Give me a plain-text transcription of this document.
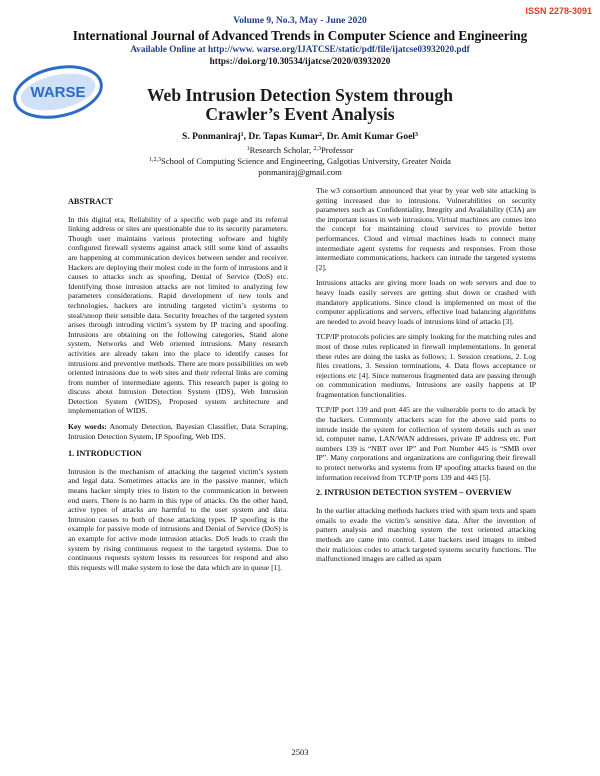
ISSN 2278-3091
Volume 9, No.3, May - June 2020
International Journal of Advanced Trends in Computer Science and Engineering
Available Online at http://www. warse.org/IJATCSE/static/pdf/file/ijatcse03932020.pdf
https://doi.org/10.30534/ijatcse/2020/03932020
WARSE	Web Intrusion Detection System through
Crawler’s Event Analysis
S. Ponmaniraj$^1$, Dr. Tapas Kumar$^2$, Dr. Amit Kumar Goel$^3$
$^1$Research Scholar, $^{2,3}$Professor
$^{1,2,3}$School of Computing Science and Engineering, Galgotias University, Greater Noida
ponmaniraj@gmail.com
ABSTRACT

In this digital era, Reliability of a specific web page and its referral linking address or sites are questionable due to its security parameters. Though user maintains various protecting software and highly configured firewall systems against attack still some kind of assaults are happening at communication devices between sender and receiver. Hackers are deploying their molest code in the form of intrusions and it causes to attacks such as spoofing, Denial of Service (DoS) etc. Identifying those intrusion attacks are not limited to analyzing few parameters considerations. Rapid development of new tools and technologies, hackers are intruding targeted victim’s systems to steal/snoop their sensible data. Security breaches of the targeted system arises through intruding victim’s system by IP tracing and spoofing. Intrusions are obtaining on the following categories, Stand alone system, Networks and Web oriented intrusions. Many research activities are already taken into the place to identify causes for intrusions and preventive methods. There are more possibilities on web oriented intrusions due to web sites and their referral links are coming from number of intermediate agents. This research paper is going to discuss about Intrusion Detection System (IDS), Web Intrusion Detection System (WIDS), Proposed system architecture and implementation of WIDS.

Key words: Anomaly Detection, Bayesian Classifier, Data Scraping, Intrusion Detection System, IP Spoofing, Web IDS.

1. INTRODUCTION

Intrusion is the mechanism of attacking the targeted victim’s system and legal data. Sometimes attacks are in the passive manner, which means hacker simply tries to listen to the communication in between end users. There is no harm in this type of attacks. On the other hand, active types of attacks are harmful to the user system and data. Intrusion causes to both of those attacking types. IP spoofing is the example for passive mode of intrusions and Denial of Service (DoS) is an example for active mode intrusion attacks. DoS leads to crash the system by rising continuous request to the targeted systems. Due to continuous requests system losses its resources for respond and also this requests will make system to lose the data which are in queue [1].

The w3 consortium announced that year by year web site attacking is getting increased due to intrusions. Vulnerabilities on security parameters such as Confidentiality, Integrity and Availability (CIA) are the important issues in web intrusions. Virtual machines are comes into the concept for maintaining cloud services to provide better performances. Cloud and virtual machines leads to connect many intermediate agent systems for requests and responses. From those intermediate communications, hackers can intrude the targeted systems [2].

Intrusions attacks are giving more loads on web servers and due to heavy loads easily servers are getting shut down or crashed with mandatory applications. Since cloud is implemented on most of the computer applications and servers, effective load balancing algorithms are needed to avoid heavy loads of intrusions kind of attacks [3].

TCP/IP protocols policies are simply looking for the matching rules and most of those rules replicated in firewall implementations. In general these rules are doing the tasks as follows; 1. Session creations, 2. Log files creations, 3. Session terminations, 4. Data flows acceptance or rejections etc [4]. Since numerous fragmented data are passing through on communication mediums, Intrusions are easily happens at IP fragmentation functionalities.

TCP/IP port 139 and port 445 are the vulnerable ports to do attack by the hackers. Commonly attackers scan for the above said ports to intrude inside the system for collection of system details such as user id, computer name, LAN/WAN addresses, private IP address etc. Port numbers 139 is “NBT over IP” and Port Number 445 is “SMB over IP”. Many corporations and organizations are configuring their firewall to protect networks and systems from IP spoofing attacks based on the information received from TCP/IP ports 139 and 445 [5].

2. INTRUSION DETECTION SYSTEM – OVERVIEW

In the earlier attacking methods hackers tried with spam texts and spam emails to evade the victim’s sensitive data. After the invention of pattern analysis and matching system the text oriented attacking methods are came into control. Later hackers used images to imbed their malicious codes to attack targeted systems security functions. The malfunctioned images are called as spam

2503
